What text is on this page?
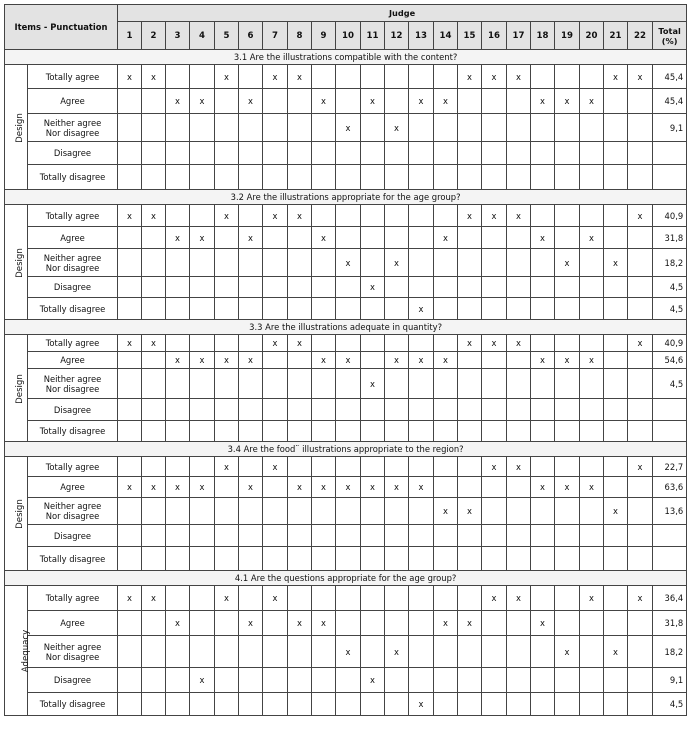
Items - Punctuation		Judge																						
		1	2	3	4	5	6	7	8	9	10	11	12	13	14	15	16	17	18	19	20	21	22	Total
(%)
3.1 Are the illustrations compatible with the content?																								
Design	Totally agree	x	x			x		x	x							x	x	x				x	x	45,4
	Agree			x	x		x			x		x		x	x				x	x	x			45,4
	Neither agree
Nor disagree										x		x											9,1
	Disagree																							
	Totally disagree																							
3.2 Are the illustrations appropriate for the age group?																								
Design	Totally agree	x	x			x		x	x							x	x	x					x	40,9
	Agree			x	x		x			x					x				x		x			31,8
	Neither agree
Nor disagree										x		x							x		x		18,2
	Disagree											x												4,5
	Totally disagree													x										4,5
3.3 Are the illustrations adequate in quantity?																								
Design	Totally agree	x	x					x	x							x	x	x					x	40,9
	Agree			x	x	x	x			x	x		x	x	x				x	x	x			54,6
	Neither agree
Nor disagree											x												4,5
	Disagree																							
	Totally disagree																							
3.4 Are the food¨ illustrations appropriate to the region?																								
Design	Totally agree					x		x									x	x					x	22,7
	Agree	x	x	x	x		x		x	x	x	x	x	x					x	x	x			63,6
	Neither agree
Nor disagree														x	x						x		13,6
	Disagree																							
	Totally disagree																							
4.1 Are the questions appropriate for the age group?																								
Adequacy	Totally agree	x	x			x		x									x	x			x		x	36,4
	Agree			x			x		x	x					x	x			x					31,8
	Neither agree
Nor disagree										x		x							x		x		18,2
	Disagree				x							x												9,1
	Totally disagree													x										4,5
